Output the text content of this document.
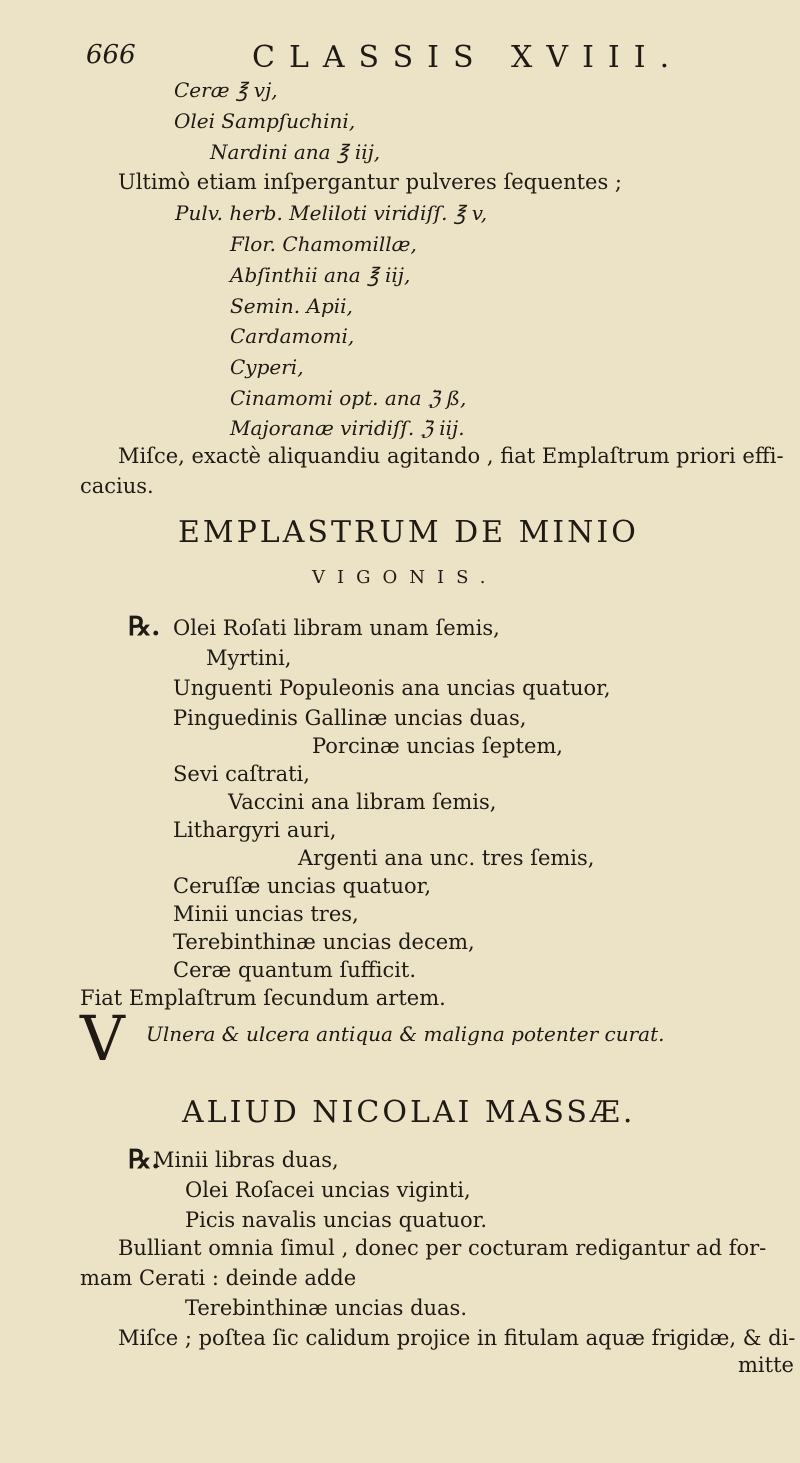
666	CLASSIS XVIII.
Ceræ ℥ vj,
Olei Sampſuchini,
Nardini ana ℥ iij,
Ultimò etiam inſpergantur pulveres ſequentes ;
Pulv. herb. Meliloti viridiſſ. ℥ v,
Flor. Chamomillæ,
Abſinthii ana ℥ iij,
Semin. Apii,
Cardamomi,
Cyperi,
Cinamomi opt. ana ℨ ß,
Majoranæ viridiſſ. ℨ iij.
Miſce, exactè aliquandiu agitando , fiat Emplaſtrum priori effi-
cacius.
EMPLASTRUM DE MINIO
VIGONIS.
Olei Roſati libram unam ſemis,
Myrtini,
Unguenti Populeonis ana uncias quatuor,
Pinguedinis Gallinæ uncias duas,
Porcinæ uncias ſeptem,
Sevi caſtrati,
Vaccini ana libram ſemis,
Lithargyri auri,
Argenti ana unc. tres ſemis,
Ceruſſæ uncias quatuor,
Minii uncias tres,
Terebinthinæ uncias decem,
Ceræ quantum ſufficit.
Fiat Emplaſtrum ſecundum artem.
Ulnera & ulcera antiqua & maligna potenter curat.
ALIUD NICOLAI MASSÆ.
Minii libras duas,
Olei Roſacei uncias viginti,
Picis navalis uncias quatuor.
Bulliant omnia ſimul , donec per cocturam redigantur ad for-
mam Cerati : deinde adde
Terebinthinæ uncias duas.
Miſce ; poſtea ſic calidum projice in fitulam aquæ frigidæ, & di-
mitte
℞.
℞.
V
